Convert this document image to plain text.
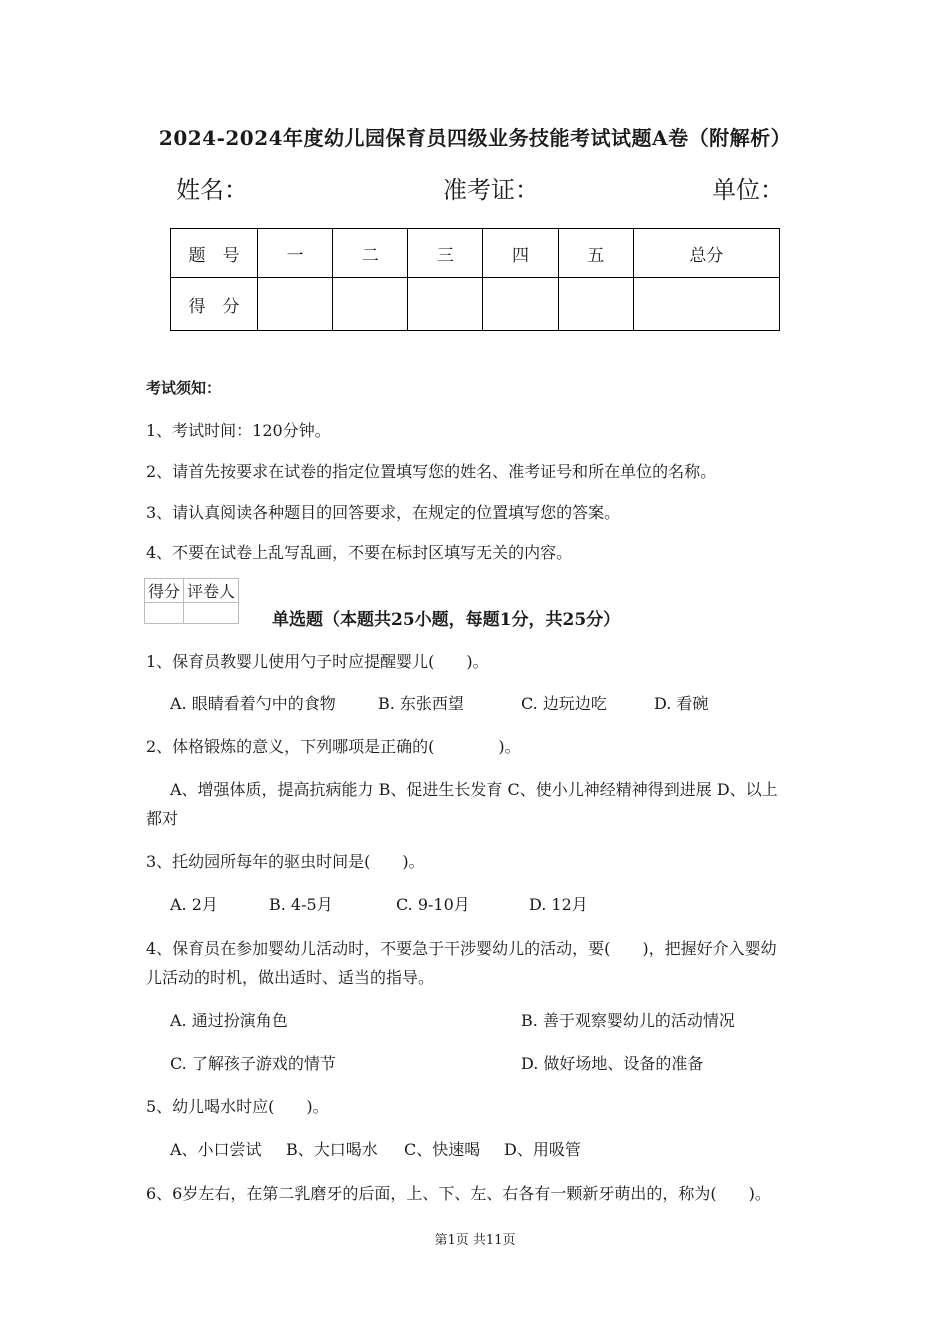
2024-2024年度幼儿园保育员四级业务技能考试试题A卷（附解析）
姓名：	准考证：	单位：
题　号	一	二	三	四	五	总分
得　分						
考试须知：
1、考试时间：120分钟。
2、请首先按要求在试卷的指定位置填写您的姓名、准考证号和所在单位的名称。
3、请认真阅读各种题目的回答要求，在规定的位置填写您的答案。
4、不要在试卷上乱写乱画，不要在标封区填写无关的内容。
得分	评卷人

单选题（本题共25小题，每题1分，共25分）
1、保育员教婴儿使用勺子时应提醒婴儿(　　)。
A. 眼睛看着勺中的食物	B. 东张西望	C. 边玩边吃	D. 看碗
2、体格锻炼的意义，下列哪项是正确的(　　　　)。
A、增强体质，提高抗病能力 B、促进生长发育 C、使小儿神经精神得到进展 D、以上
都对
3、托幼园所每年的驱虫时间是(　　)。
A. 2月	B. 4-5月	C. 9-10月	D. 12月
4、保育员在参加婴幼儿活动时，不要急于干涉婴幼儿的活动，要(　　)，把握好介入婴幼
儿活动的时机，做出适时、适当的指导。
A. 通过扮演角色	B. 善于观察婴幼儿的活动情况
C. 了解孩子游戏的情节	D. 做好场地、设备的准备
5、幼儿喝水时应(　　)。
A、小口尝试 B、大口喝水 C、快速喝 D、用吸管
6、6岁左右，在第二乳磨牙的后面，上、下、左、右各有一颗新牙萌出的，称为(　　)。
第1页 共11页
